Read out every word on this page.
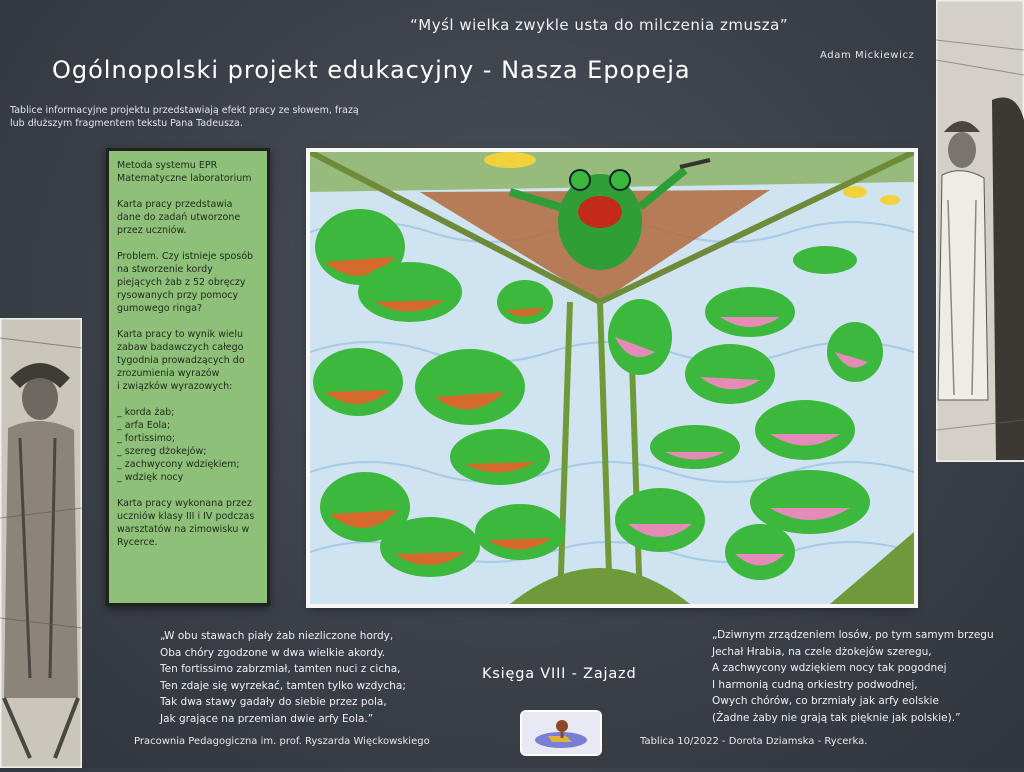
“Myśl wielka zwykle usta do milczenia zmusza”
Adam Mickiewicz
Ogólnopolski projekt edukacyjny - Nasza Epopeja
Tablice informacyjne projektu przedstawiają efekt pracy ze słowem, frazą lub dłuższym fragmentem tekstu Pana Tadeusza.

Metoda systemu EPR
Matematyczne laboratorium

Karta pracy przedstawia dane do zadań utworzone przez uczniów.

Problem. Czy istnieje sposób na stworzenie kordy piejących żab z 52 obręczy rysowanych przy pomocy gumowego ringa?

Karta pracy to wynik wielu zabaw badawczych całego tygodnia prowadzących do zrozumienia wyrazów
i związków wyrazowych:

_ korda żab;
_ arfa Eola;
_ fortissimo;
_ szereg dżokejów;
_ zachwycony wdziękiem;
_ wdzięk nocy

Karta pracy wykonana przez uczniów klasy III i IV podczas warsztatów na zimowisku w Rycerce.

„W obu stawach piały żab niezliczone hordy,
Oba chóry zgodzone w dwa wielkie akordy.
Ten fortissimo zabrzmiał, tamten nuci z cicha,
Ten zdaje się wyrzekać, tamten tylko wzdycha;
Tak dwa stawy gadały do siebie przez pola,
Jak grające na przemian dwie arfy Eola.”
Księga VIII - Zajazd
„Dziwnym zrządzeniem losów, po tym samym brzegu
Jechał Hrabia, na czele dżokejów szeregu,
A zachwycony wdziękiem nocy tak pogodnej
I harmonią cudną orkiestry podwodnej,
Owych chórów, co brzmiały jak arfy eolskie
(Żadne żaby nie grają tak pięknie jak polskie).”
Pracownia Pedagogiczna im. prof. Ryszarda Więckowskiego	Tablica 10/2022 - Dorota Dziamska - Rycerka.
